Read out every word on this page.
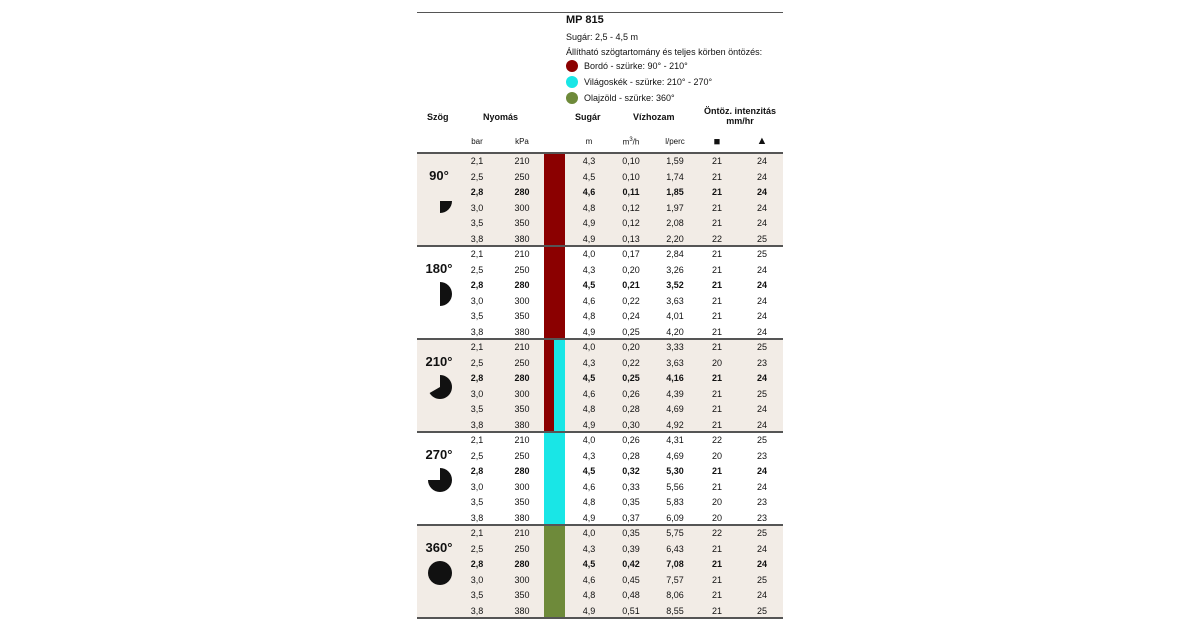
MP 815
Sugár: 2,5 - 4,5 m
Állítható szögtartomány és teljes körben öntözés:
Bordó - szürke: 90° - 210°
Világoskék - szürke: 210° - 270°
Olajzöld - szürke: 360°
Szög	Nyomás	Sugár	Vízhozam
Öntöz. intenzitás
mm/hr
bar	kPa	m	$m^3/h$	l/perc	■	▲
90°
2,1	210	4,3	0,10	1,59	21	24
2,5	250	4,5	0,10	1,74	21	24
2,8	280	4,6	0,11	1,85	21	24
3,0	300	4,8	0,12	1,97	21	24
3,5	350	4,9	0,12	2,08	21	24
3,8	380	4,9	0,13	2,20	22	25
180°
2,1	210	4,0	0,17	2,84	21	25
2,5	250	4,3	0,20	3,26	21	24
2,8	280	4,5	0,21	3,52	21	24
3,0	300	4,6	0,22	3,63	21	24
3,5	350	4,8	0,24	4,01	21	24
3,8	380	4,9	0,25	4,20	21	24
210°
2,1	210	4,0	0,20	3,33	21	25
2,5	250	4,3	0,22	3,63	20	23
2,8	280	4,5	0,25	4,16	21	24
3,0	300	4,6	0,26	4,39	21	25
3,5	350	4,8	0,28	4,69	21	24
3,8	380	4,9	0,30	4,92	21	24
270°
2,1	210	4,0	0,26	4,31	22	25
2,5	250	4,3	0,28	4,69	20	23
2,8	280	4,5	0,32	5,30	21	24
3,0	300	4,6	0,33	5,56	21	24
3,5	350	4,8	0,35	5,83	20	23
3,8	380	4,9	0,37	6,09	20	23
360°
2,1	210	4,0	0,35	5,75	22	25
2,5	250	4,3	0,39	6,43	21	24
2,8	280	4,5	0,42	7,08	21	24
3,0	300	4,6	0,45	7,57	21	25
3,5	350	4,8	0,48	8,06	21	24
3,8	380	4,9	0,51	8,55	21	25
